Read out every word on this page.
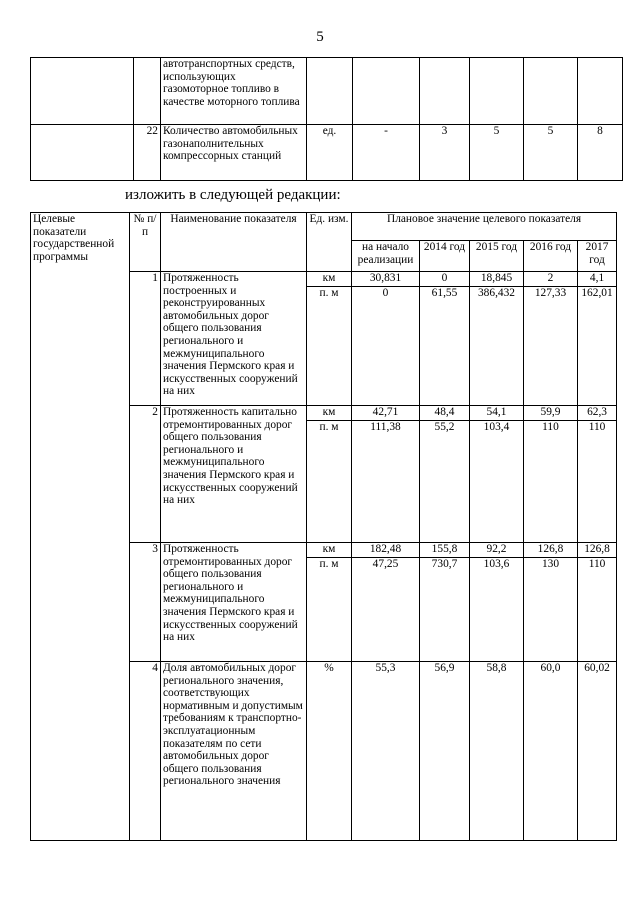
5
		автотранспортных средств, использующих газомоторное топливо в качестве моторного топлива						
	22	Количество автомобильных газонаполнительных компрессорных станций	ед.	-	3	5	5	8
изложить в следующей редакции:
Целевые показатели государственной программы	№ п/п	Наименование показателя	Ед. изм.	Плановое значение целевого показателя				
				на начало реализации	2014 год	2015 год	2016 год	2017 год
	1	Протяженность построенных и реконструированных автомобильных дорог общего пользования регионального и межмуниципального значения Пермского края и искусственных сооружений на них	км	30,831	0	18,845	2	4,1
			п. м	0	61,55	386,432	127,33	162,01
	2	Протяженность капитально отремонтированных дорог общего пользования регионального и межмуниципального значения Пермского края и искусственных сооружений на них	км	42,71	48,4	54,1	59,9	62,3
			п. м	111,38	55,2	103,4	110	110
	3	Протяженность отремонтированных дорог общего пользования регионального и межмуниципального значения Пермского края и искусственных сооружений на них	км	182,48	155,8	92,2	126,8	126,8
			п. м	47,25	730,7	103,6	130	110
	4	Доля автомобильных дорог регионального значения, соответствующих нормативным и допустимым требованиям к транспортно-эксплуатационным показателям по сети автомобильных дорог общего пользования регионального значения	%	55,3	56,9	58,8	60,0	60,02
